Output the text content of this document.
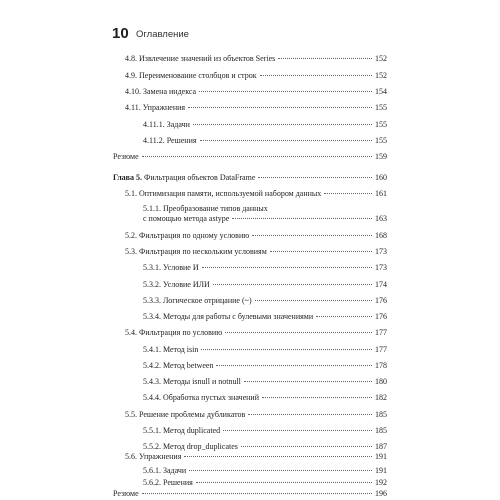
10 Оглавление
4.8. Извлечение значений из объектов Series	152
4.9. Переименование столбцов и строк	152
4.10. Замена индекса	154
4.11. Упражнения	155
4.11.1. Задачи	155
4.11.2. Решения	155
Резюме	159
Глава 5. Фильтрация объектов DataFrame	160
5.1. Оптимизация памяти, используемой набором данных	161
5.1.1. Преобразование типов данных
с помощью метода astype	163
5.2. Фильтрация по одному условию	168
5.3. Фильтрация по нескольким условиям	173
5.3.1. Условие И	173
5.3.2. Условие ИЛИ	174
5.3.3. Логическое отрицание (~)	176
5.3.4. Методы для работы с булевыми значениями	176
5.4. Фильтрация по условию	177
5.4.1. Метод isin	177
5.4.2. Метод between	178
5.4.3. Методы isnull и notnull	180
5.4.4. Обработка пустых значений	182
5.5. Решение проблемы дубликатов	185
5.5.1. Метод duplicated	185
5.5.2. Метод drop_duplicates	187
5.6. Упражнения	191
5.6.1. Задачи	191
5.6.2. Решения	192
Резюме	196
